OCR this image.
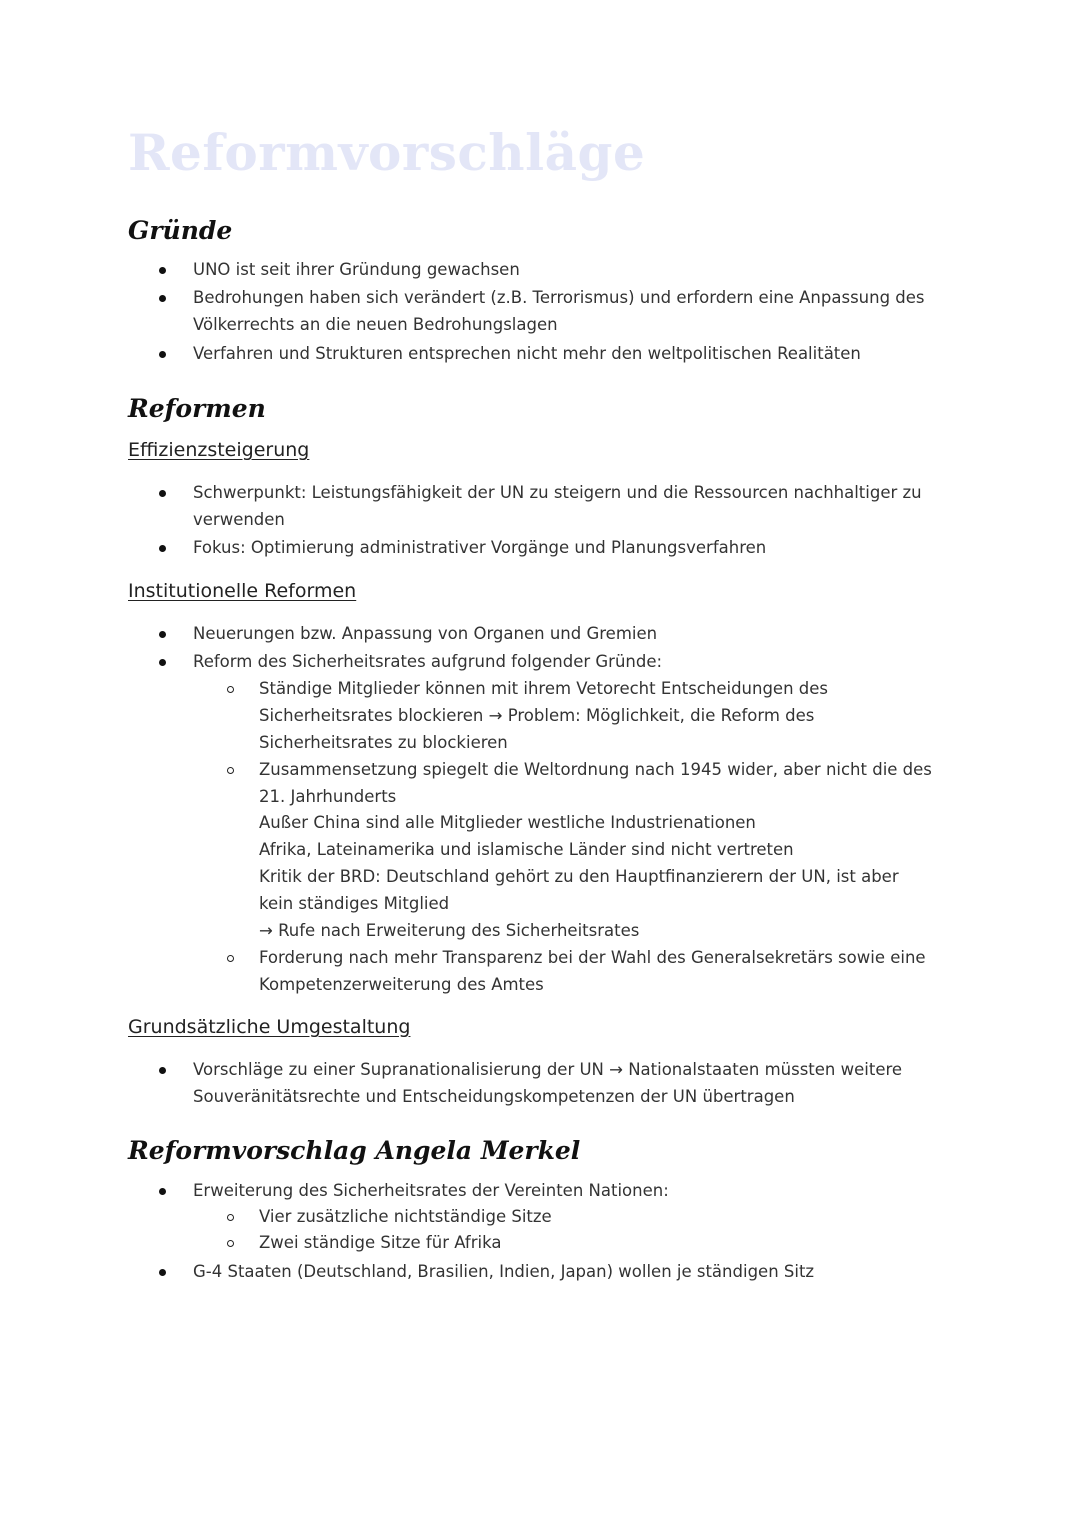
Reformvorschläge
Gründe
UNO ist seit ihrer Gründung gewachsen
Bedrohungen haben sich verändert (z.B. Terrorismus) und erfordern eine Anpassung des
Völkerrechts an die neuen Bedrohungslagen
Verfahren und Strukturen entsprechen nicht mehr den weltpolitischen Realitäten
Reformen
Effizienzsteigerung
Schwerpunkt: Leistungsfähigkeit der UN zu steigern und die Ressourcen nachhaltiger zu
verwenden
Fokus: Optimierung administrativer Vorgänge und Planungsverfahren
Institutionelle Reformen
Neuerungen bzw. Anpassung von Organen und Gremien
Reform des Sicherheitsrates aufgrund folgender Gründe:
Ständige Mitglieder können mit ihrem Vetorecht Entscheidungen des
Sicherheitsrates blockieren → Problem: Möglichkeit, die Reform des
Sicherheitsrates zu blockieren
Zusammensetzung spiegelt die Weltordnung nach 1945 wider, aber nicht die des
21. Jahrhunderts
Außer China sind alle Mitglieder westliche Industrienationen
Afrika, Lateinamerika und islamische Länder sind nicht vertreten
Kritik der BRD: Deutschland gehört zu den Hauptfinanzierern der UN, ist aber
kein ständiges Mitglied
→ Rufe nach Erweiterung des Sicherheitsrates
Forderung nach mehr Transparenz bei der Wahl des Generalsekretärs sowie eine
Kompetenzerweiterung des Amtes
Grundsätzliche Umgestaltung
Vorschläge zu einer Supranationalisierung der UN → Nationalstaaten müssten weitere
Souveränitätsrechte und Entscheidungskompetenzen der UN übertragen
Reformvorschlag Angela Merkel
Erweiterung des Sicherheitsrates der Vereinten Nationen:
Vier zusätzliche nichtständige Sitze
Zwei ständige Sitze für Afrika
G-4 Staaten (Deutschland, Brasilien, Indien, Japan) wollen je ständigen Sitz
